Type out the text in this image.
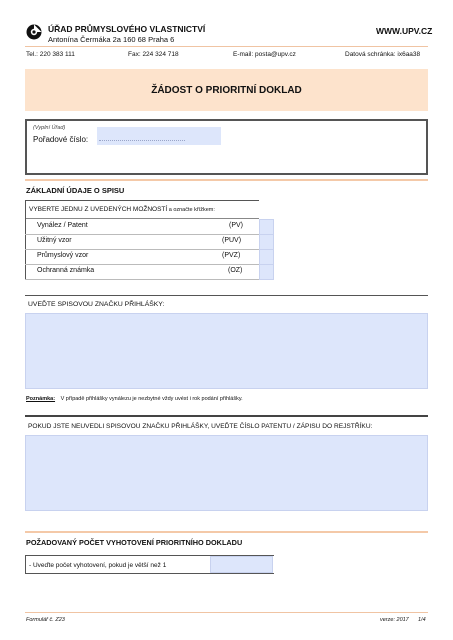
ÚŘAD PRŮMYSLOVÉHO VLASTNICTVÍ
Antonína Čermáka 2a 160 68 Praha 6
WWW.UPV.CZ
Tel.: 220 383 111	Fax: 224 324 718	E-mail: posta@upv.cz	Datová schránka: ix6aa38
ŽÁDOST O PRIORITNÍ DOKLAD
(Vyplní Úřad)
Pořadové číslo:
ZÁKLADNÍ ÚDAJE O SPISU
VYBERTE JEDNU Z UVEDENÝCH MOŽNOSTÍ a označte křížkem:
Vynález / Patent	(PV)
Užitný vzor	(PUV)
Průmyslový vzor	(PVZ)
Ochranná známka	(OZ)
UVEĎTE SPISOVOU ZNAČKU PŘIHLÁŠKY:
Poznámka: V případě přihlášky vynálezu je nezbytné vždy uvést i rok podání přihlášky.
POKUD JSTE NEUVEDLI SPISOVOU ZNAČKU PŘIHLÁŠKY, UVEĎTE ČÍSLO PATENTU / ZÁPISU DO REJSTŘÍKU:
POŽADOVANÝ POČET VYHOTOVENÍ PRIORITNÍHO DOKLADU
- Uveďte počet vyhotovení, pokud je větší než 1
Formulář č. Z23	verze: 2017 1/4
